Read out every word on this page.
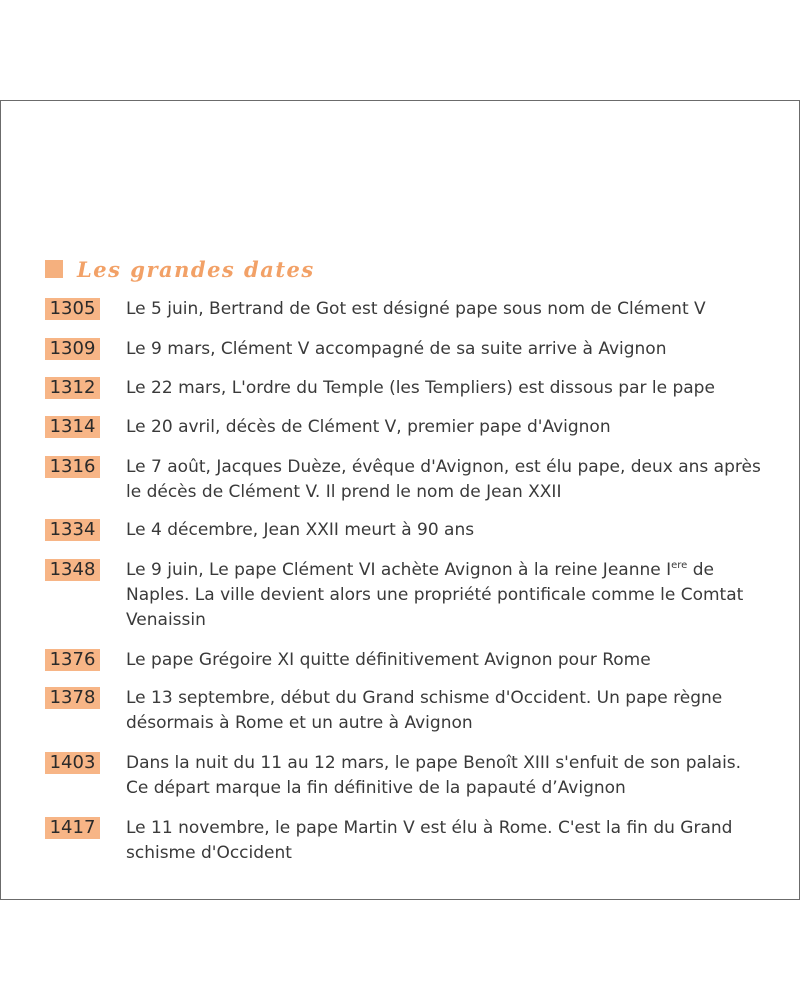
Les grandes dates
1305 Le 5 juin, Bertrand de Got est désigné pape sous nom de Clément V
1309 Le 9 mars, Clément V accompagné de sa suite arrive à Avignon
1312 Le 22 mars, L'ordre du Temple (les Templiers) est dissous par le pape
1314 Le 20 avril, décès de Clément V, premier pape d'Avignon
1316 Le 7 août, Jacques Duèze, évêque d'Avignon, est élu pape, deux ans après le décès de Clément V. Il prend le nom de Jean XXII
1334 Le 4 décembre, Jean XXII meurt à 90 ans
1348 Le 9 juin, Le pape Clément VI achète Avignon à la reine Jeanne Iere de Naples. La ville devient alors une propriété pontificale comme le Comtat Venaissin
1376 Le pape Grégoire XI quitte définitivement Avignon pour Rome
1378 Le 13 septembre, début du Grand schisme d'Occident. Un pape règne désormais à Rome et un autre à Avignon
1403 Dans la nuit du 11 au 12 mars, le pape Benoît XIII s'enfuit de son palais. Ce départ marque la fin définitive de la papauté d’Avignon
1417 Le 11 novembre, le pape Martin V est élu à Rome. C'est la fin du Grand schisme d'Occident
